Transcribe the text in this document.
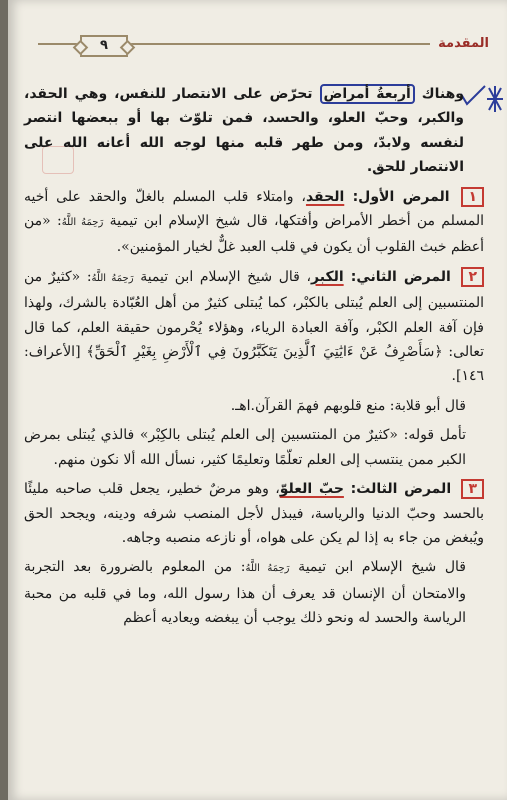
٩	المقدمة

وهناك أربعةُ أمراض تحرّض على الانتصار للنفس، وهي الحقد، والكبر، وحبّ العلو، والحسد، فمن تلوّث بها أو ببعضها انتصر لنفسه ولابدّ، ومن طهر قلبه منها لوجه الله أعانه الله على الانتصار للحق.

١ المرض الأول: الحقد، وامتلاء قلب المسلم بالغلّ والحقد على أخيه المسلم من أخطر الأمراض وأفتكها، قال شيخ الإسلام ابن تيمية رَحِمَهُ اللَّهُ: «من أعظم خبث القلوب أن يكون في قلب العبد غلٌّ لخيار المؤمنين».

٢ المرض الثاني: الكبر، قال شيخ الإسلام ابن تيمية رَحِمَهُ اللَّهُ: «كثيرٌ من المنتسبين إلى العلم يُبتلى بالكبْر، كما يُبتلى كثيرٌ من أهل العُبّادة بالشرك، ولهذا فإن آفة العلم الكبْر، وآفة العبادة الرياء، وهؤلاء يُحْرمون حقيقة العلم، كما قال تعالى: ﴿سَأَصْرِفُ عَنْ ءَايَٰتِيَ ٱلَّذِينَ يَتَكَبَّرُونَ فِي ٱلْأَرْضِ بِغَيْرِ ٱلْحَقِّ﴾ [الأعراف: ١٤٦].

قال أبو قلابة: منع قلوبهم فهمَ القرآن.اهـ.

تأمل قوله: «كثيرٌ من المنتسبين إلى العلم يُبتلى بالكِبْر» فالذي يُبتلى بمرض الكبر ممن ينتسب إلى العلم تعلّمًا وتعليمًا كثير، نسأل الله ألا نكون منهم.

٣ المرض الثالث: حبّ العلوّ، وهو مرضٌ خطير، يجعل قلب صاحبه مليئًا بالحسد وحبّ الدنيا والرياسة، فيبذل لأجل المنصب شرفه ودينه، ويجحد الحق ويُبغض من جاء به إذا لم يكن على هواه، أو نازعه منصبه وجاهه.

قال شيخ الإسلام ابن تيمية رَحِمَهُ اللَّهُ: من المعلوم بالضرورة بعد التجربة والامتحان أن الإنسان قد يعرف أن هذا رسول الله، وما في قلبه من محبة الرياسة والحسد له ونحو ذلك يوجب أن يبغضه ويعاديه أعظم
